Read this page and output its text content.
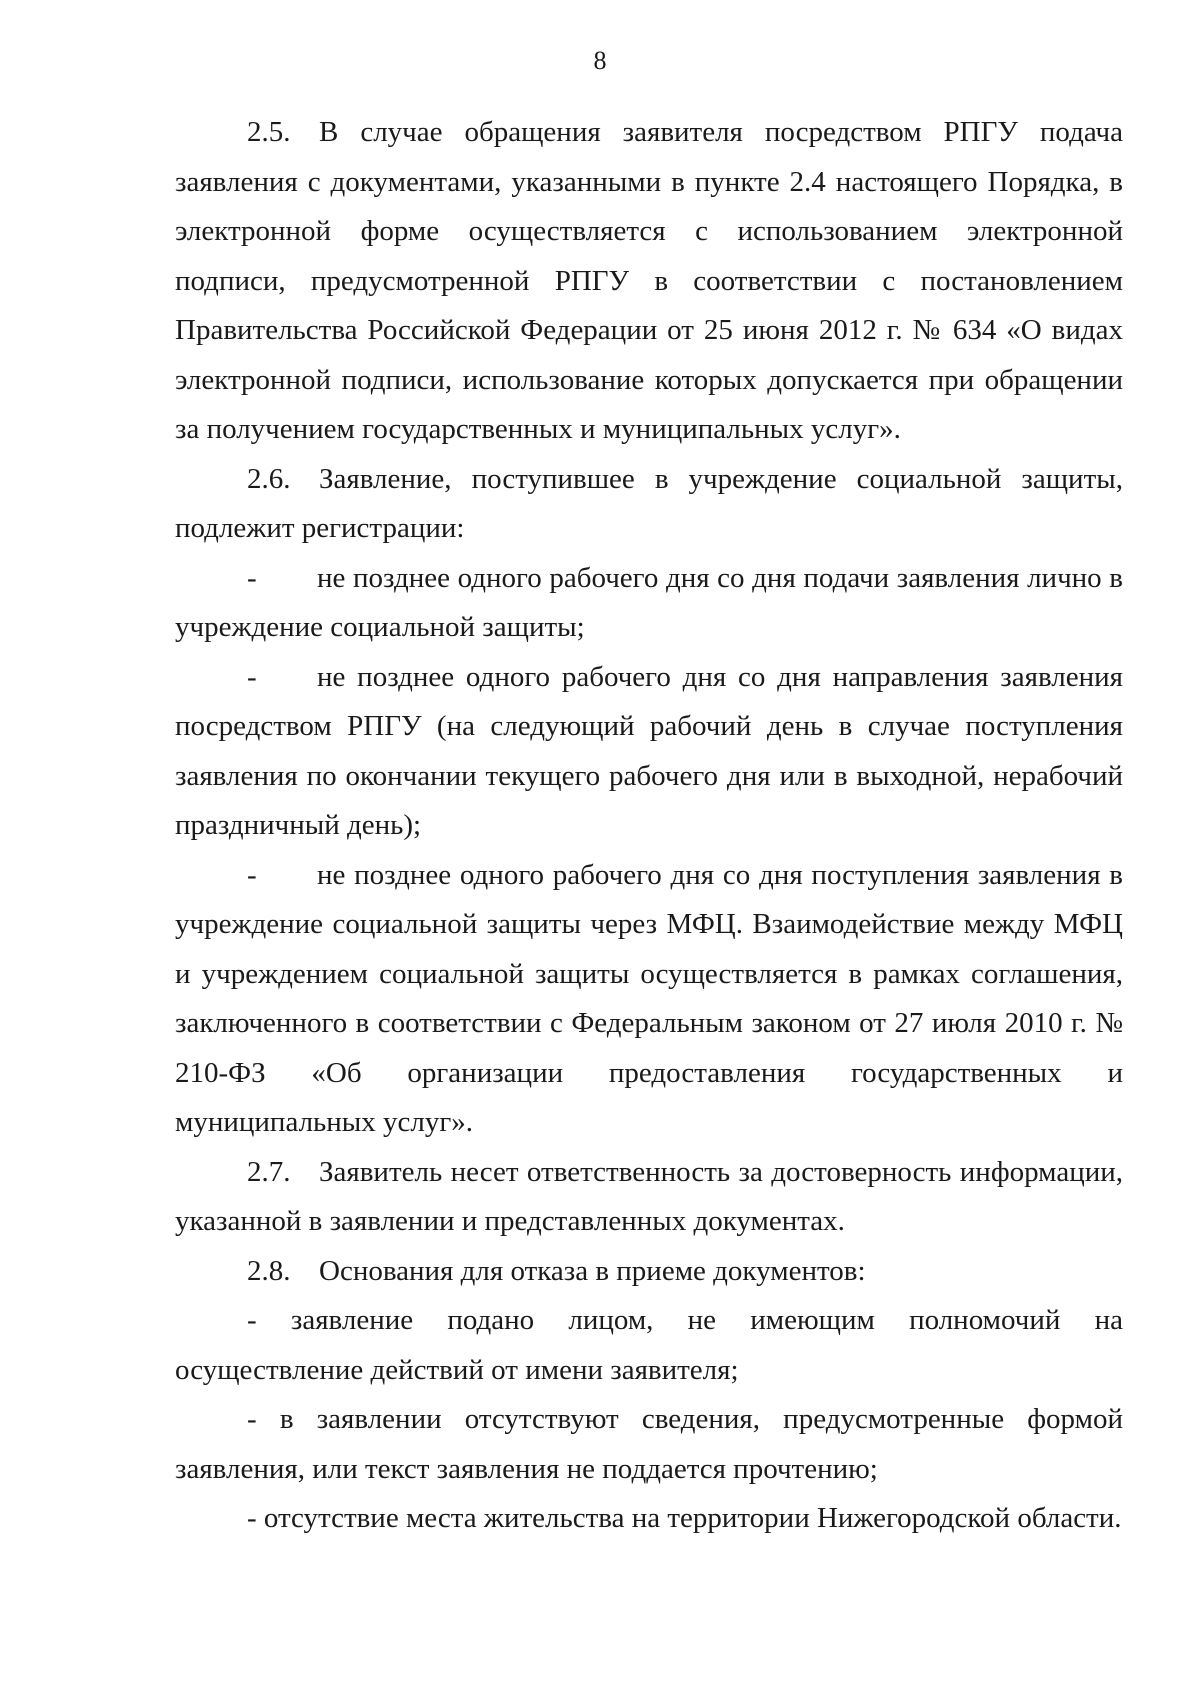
8

2.5. В случае обращения заявителя посредством РПГУ подача заявления с документами, указанными в пункте 2.4 настоящего Порядка, в электронной форме осуществляется с использованием электронной подписи, предусмотренной РПГУ в соответствии с постановлением Правительства Российской Федерации от 25 июня 2012 г. № 634 «О видах электронной подписи, использование которых допускается при обращении за получением государственных и муниципальных услуг».

2.6. Заявление, поступившее в учреждение социальной защиты, подлежит регистрации:

- не позднее одного рабочего дня со дня подачи заявления лично в учреждение социальной защиты;

- не позднее одного рабочего дня со дня направления заявления посредством РПГУ (на следующий рабочий день в случае поступления заявления по окончании текущего рабочего дня или в выходной, нерабочий праздничный день);

- не позднее одного рабочего дня со дня поступления заявления в учреждение социальной защиты через МФЦ. Взаимодействие между МФЦ и учреждением социальной защиты осуществляется в рамках соглашения, заключенного в соответствии с Федеральным законом от 27 июля 2010 г. № 210-ФЗ «Об организации предоставления государственных и муниципальных услуг».

2.7. Заявитель несет ответственность за достоверность информации, указанной в заявлении и представленных документах.

2.8. Основания для отказа в приеме документов:

- заявление подано лицом, не имеющим полномочий на осуществление действий от имени заявителя;

- в заявлении отсутствуют сведения, предусмотренные формой заявления, или текст заявления не поддается прочтению;

- отсутствие места жительства на территории Нижегородской области.
